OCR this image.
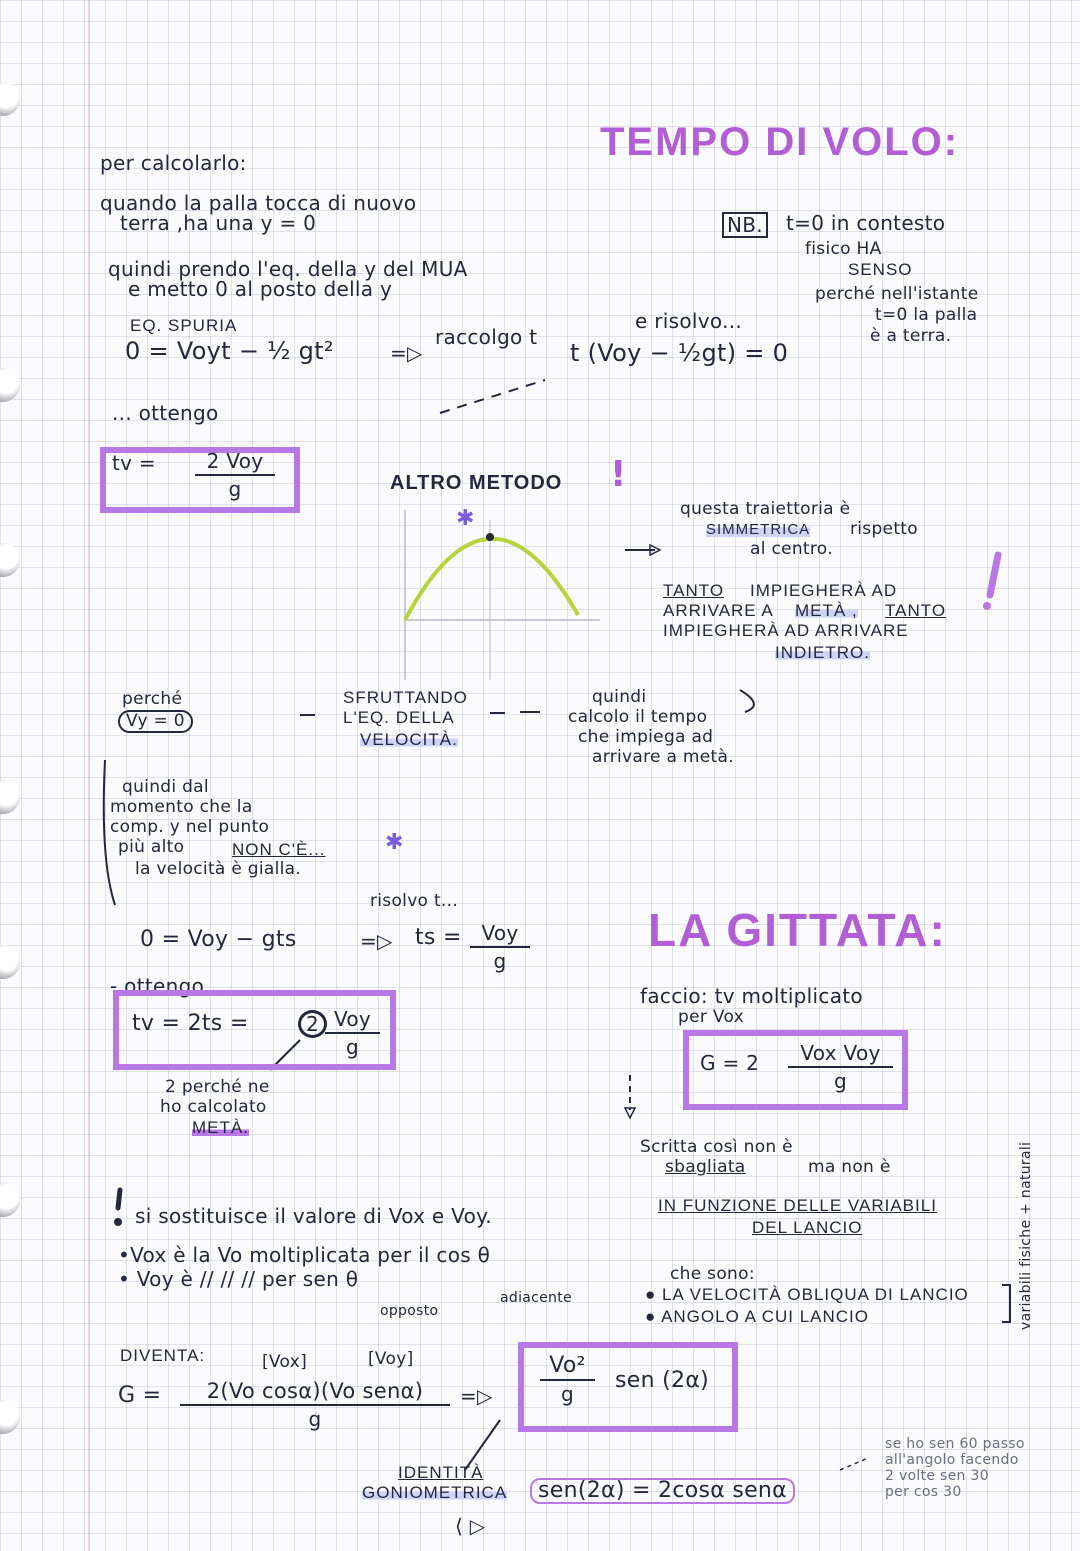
✱
TEMPO DI VOLO:
per calcolarlo:
quando la palla tocca di nuovo
terra ,ha una y = 0
quindi prendo l'eq. della y del MUA
e metto 0 al posto della y
EQ. SPURIA
0 = Voyt − ½ gt²	=▷
raccolgo t
e risolvo...
t (Voy − ½gt) = 0
NB. t=0 in contesto
fisico HA
SENSO
perché nell'istante
t=0 la palla
è a terra.
... ottengo
tv =	2 Voy
g	ALTRO METODO !
questa traiettoria è
SIMMETRICA rispetto
al centro.
TANTO IMPIEGHERÀ AD
ARRIVARE A METÀ , TANTO
IMPIEGHERÀ AD ARRIVARE
INDIETRO.
perché
Vy = 0
SFRUTTANDO
L'EQ. DELLA
VELOCITÀ.
quindi
calcolo il tempo
che impiega ad
arrivare a metà.
quindi dal
momento che la
comp. y nel punto
più alto	NON C'È...
la velocità è gialla.
✱
risolvo t...
0 = Voy − gts	=▷ ts = Voy
g
- ottengo
tv = 2ts =	2 Voy
g
2 perché ne
ho calcolato
METÀ.
LA GITTATA:
faccio: tv moltiplicato
per Vox
G = 2	Vox Voy
g
Scritta così non è
sbagliata	ma non è
IN FUNZIONE DELLE VARIABILI
DEL LANCIO
che sono:
● LA VELOCITÀ OBLIQUA DI LANCIO
● ANGOLO A CUI LANCIO	variabili fisiche + naturali
si sostituisce il valore di Vox e Voy.
•Vox è la Vo moltiplicata per il cos θ
• Voy è // // // per sen θ
opposto
adiacente
DIVENTA:	[Vox]	[Voy]
G =	2(Vo cosα)(Vo senα)
g
=▷
Vo²
g
sen (2α)
IDENTITÀ
GONIOMETRICA	sen(2α) = 2cosα senα
⟨ ▷
se ho sen 60 passo
all'angolo facendo
2 volte sen 30
per cos 30
